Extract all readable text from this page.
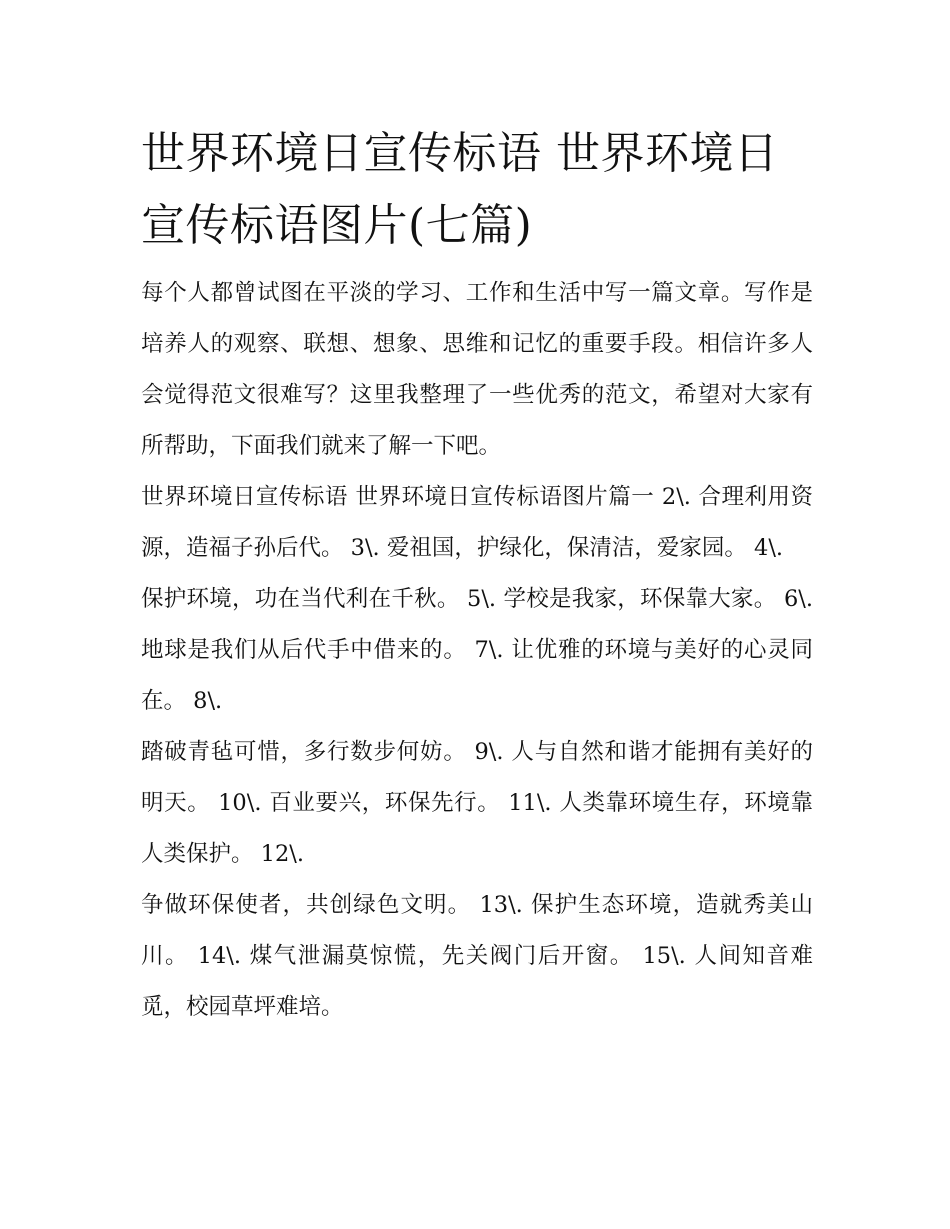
世界环境日宣传标语 世界环境日宣传标语图片(七篇)

每个人都曾试图在平淡的学习、工作和生活中写一篇文章。写作是培养人的观察、联想、想象、思维和记忆的重要手段。相信许多人会觉得范文很难写？这里我整理了一些优秀的范文，希望对大家有所帮助，下面我们就来了解一下吧。

世界环境日宣传标语 世界环境日宣传标语图片篇一 2\. 合理利用资源，造福子孙后代。 3\. 爱祖国，护绿化，保清洁，爱家园。 4\.

保护环境，功在当代利在千秋。 5\. 学校是我家，环保靠大家。 6\. 地球是我们从后代手中借来的。 7\. 让优雅的环境与美好的心灵同在。 8\.

踏破青毡可惜，多行数步何妨。 9\. 人与自然和谐才能拥有美好的明天。 10\. 百业要兴，环保先行。 11\. 人类靠环境生存，环境靠人类保护。 12\.

争做环保使者，共创绿色文明。 13\. 保护生态环境，造就秀美山川。 14\. 煤气泄漏莫惊慌，先关阀门后开窗。 15\. 人间知音难觅，校园草坪难培。
